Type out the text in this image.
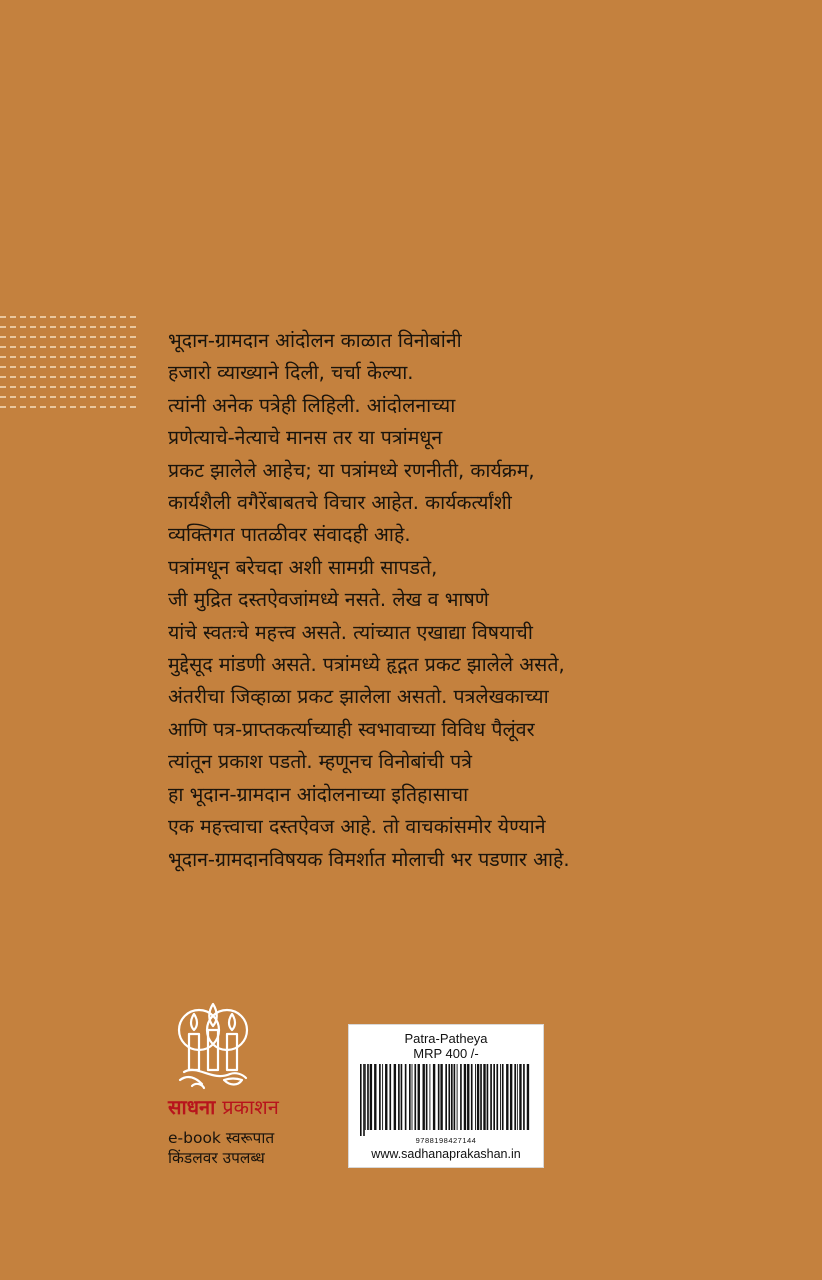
भूदान-ग्रामदान आंदोलन काळात विनोबांनी
हजारो व्याख्याने दिली, चर्चा केल्या.
त्यांनी अनेक पत्रेही लिहिली. आंदोलनाच्या
प्रणेत्याचे-नेत्याचे मानस तर या पत्रांमधून
प्रकट झालेले आहेच; या पत्रांमध्ये रणनीती, कार्यक्रम,
कार्यशैली वगैरेंबाबतचे विचार आहेत. कार्यकर्त्यांशी
व्यक्तिगत पातळीवर संवादही आहे.
पत्रांमधून बरेचदा अशी सामग्री सापडते,
जी मुद्रित दस्तऐवजांमध्ये नसते. लेख व भाषणे
यांचे स्वतःचे महत्त्व असते. त्यांच्यात एखाद्या विषयाची
मुद्देसूद मांडणी असते. पत्रांमध्ये हृद्गत प्रकट झालेले असते,
अंतरीचा जिव्हाळा प्रकट झालेला असतो. पत्रलेखकाच्या
आणि पत्र-प्राप्तकर्त्याच्याही स्वभावाच्या विविध पैलूंवर
त्यांतून प्रकाश पडतो. म्हणूनच विनोबांची पत्रे
हा भूदान-ग्रामदान आंदोलनाच्या इतिहासाचा
एक महत्त्वाचा दस्तऐवज आहे. तो वाचकांसमोर येण्याने
भूदान-ग्रामदानविषयक विमर्शात मोलाची भर पडणार आहे.
साधना प्रकाशन
e-book स्वरूपात
किंडलवर उपलब्ध
Patra-Patheya
MRP 400 /-
9788198427144
www.sadhanaprakashan.in
